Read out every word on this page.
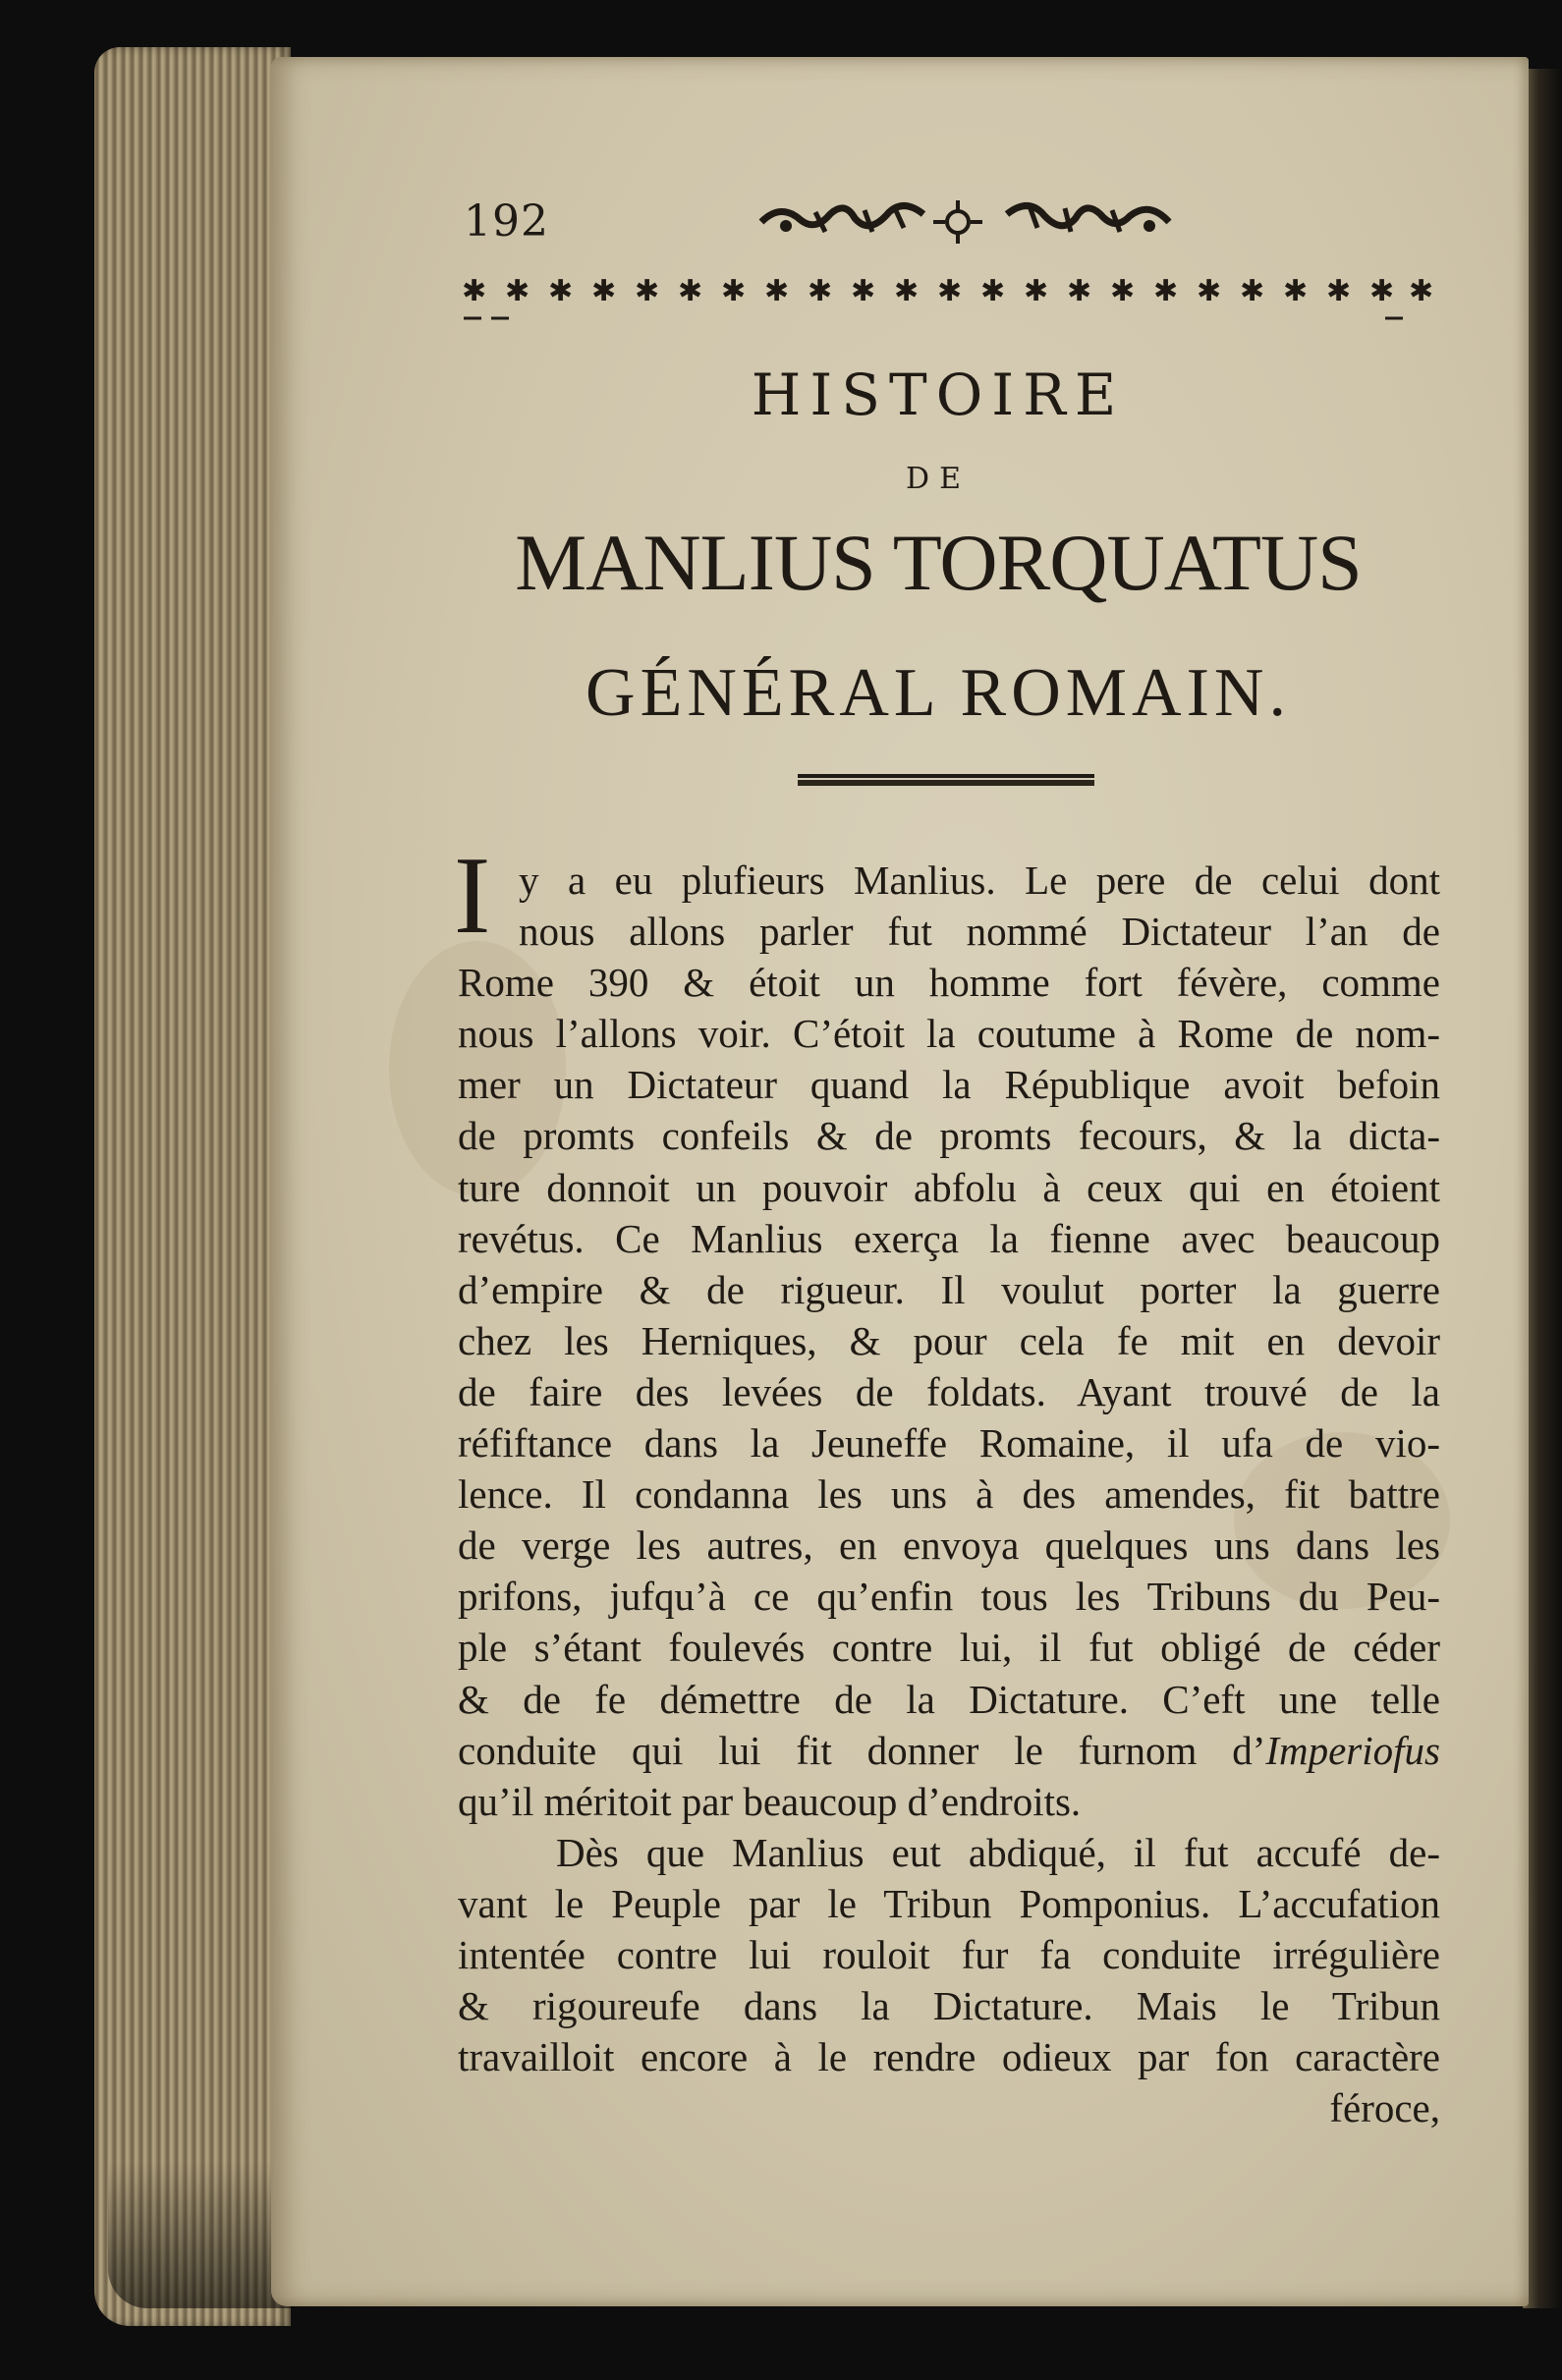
192
✱ ✱ ✱ ✱ ✱ ✱ ✱ ✱ ✱ ✱ ✱ ✱ ✱ ✱ ✱ ✱ ✱ ✱ ✱ ✱ ✱ ✱ ✱
HISTOIRE
DE
MANLIUS TORQUATUS
GÉNÉRAL ROMAIN.
I y a eu plufieurs Manlius. Le pere de celui dont
nous allons parler fut nommé Dictateur l’an de
Rome 390 & étoit un homme fort févère, comme
nous l’allons voir. C’étoit la coutume à Rome de nom-
mer un Dictateur quand la République avoit befoin
de promts confeils & de promts fecours, & la dicta-
ture donnoit un pouvoir abfolu à ceux qui en étoient
revétus. Ce Manlius exerça la fienne avec beaucoup
d’empire & de rigueur. Il voulut porter la guerre
chez les Herniques, & pour cela fe mit en devoir
de faire des levées de foldats. Ayant trouvé de la
réfiftance dans la Jeuneffe Romaine, il ufa de vio-
lence. Il condanna les uns à des amendes, fit battre
de verge les autres, en envoya quelques uns dans les
prifons, jufqu’à ce qu’enfin tous les Tribuns du Peu-
ple s’étant foulevés contre lui, il fut obligé de céder
& de fe démettre de la Dictature. C’eft une telle
conduite qui lui fit donner le furnom d’Imperiofus
qu’il méritoit par beaucoup d’endroits.
Dès que Manlius eut abdiqué, il fut accufé de-
vant le Peuple par le Tribun Pomponius. L’accufation
intentée contre lui rouloit fur fa conduite irrégulière
& rigoureufe dans la Dictature. Mais le Tribun
travailloit encore à le rendre odieux par fon caractère
féroce,
